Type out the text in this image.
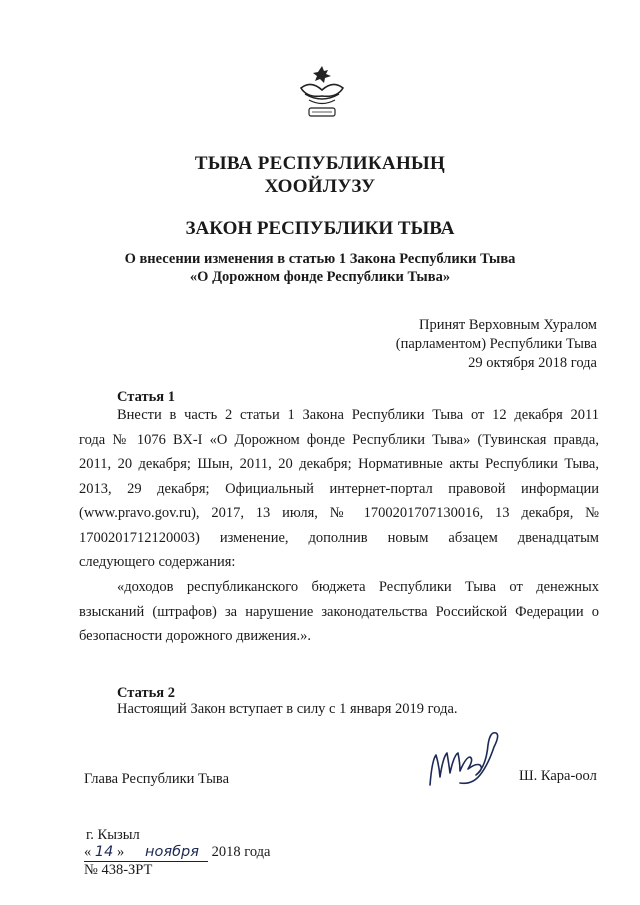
ТЫВА РЕСПУБЛИКАНЫҢ
ХООЙЛУЗУ
ЗАКОН РЕСПУБЛИКИ ТЫВА
О внесении изменения в статью 1 Закона Республики Тыва
«О Дорожном фонде Республики Тыва»
Принят Верховным Хуралом
(парламентом) Республики Тыва
29 октября 2018 года
Статья 1
Внести в часть 2 статьи 1 Закона Республики Тыва от 12 декабря 2011
года № 1076 ВХ-I «О Дорожном фонде Республики Тыва» (Тувинская правда,
2011, 20 декабря; Шын, 2011, 20 декабря; Нормативные акты Республики Тыва,
2013, 29 декабря; Официальный интернет-портал правовой информации
(www.pravo.gov.ru), 2017, 13 июля, № 1700201707130016, 13 декабря, №
1700201712120003) изменение, дополнив новым абзацем двенадцатым
следующего содержания:
«доходов республиканского бюджета Республики Тыва от денежных
взысканий (штрафов) за нарушение законодательства Российской Федерации о
безопасности дорожного движения.».
Статья 2
Настоящий Закон вступает в силу с 1 января 2019 года.
Глава Республики Тыва	Ш. Кара-оол
г. Кызыл
« 14 » ноября 2018 года
№ 438-ЗРТ
